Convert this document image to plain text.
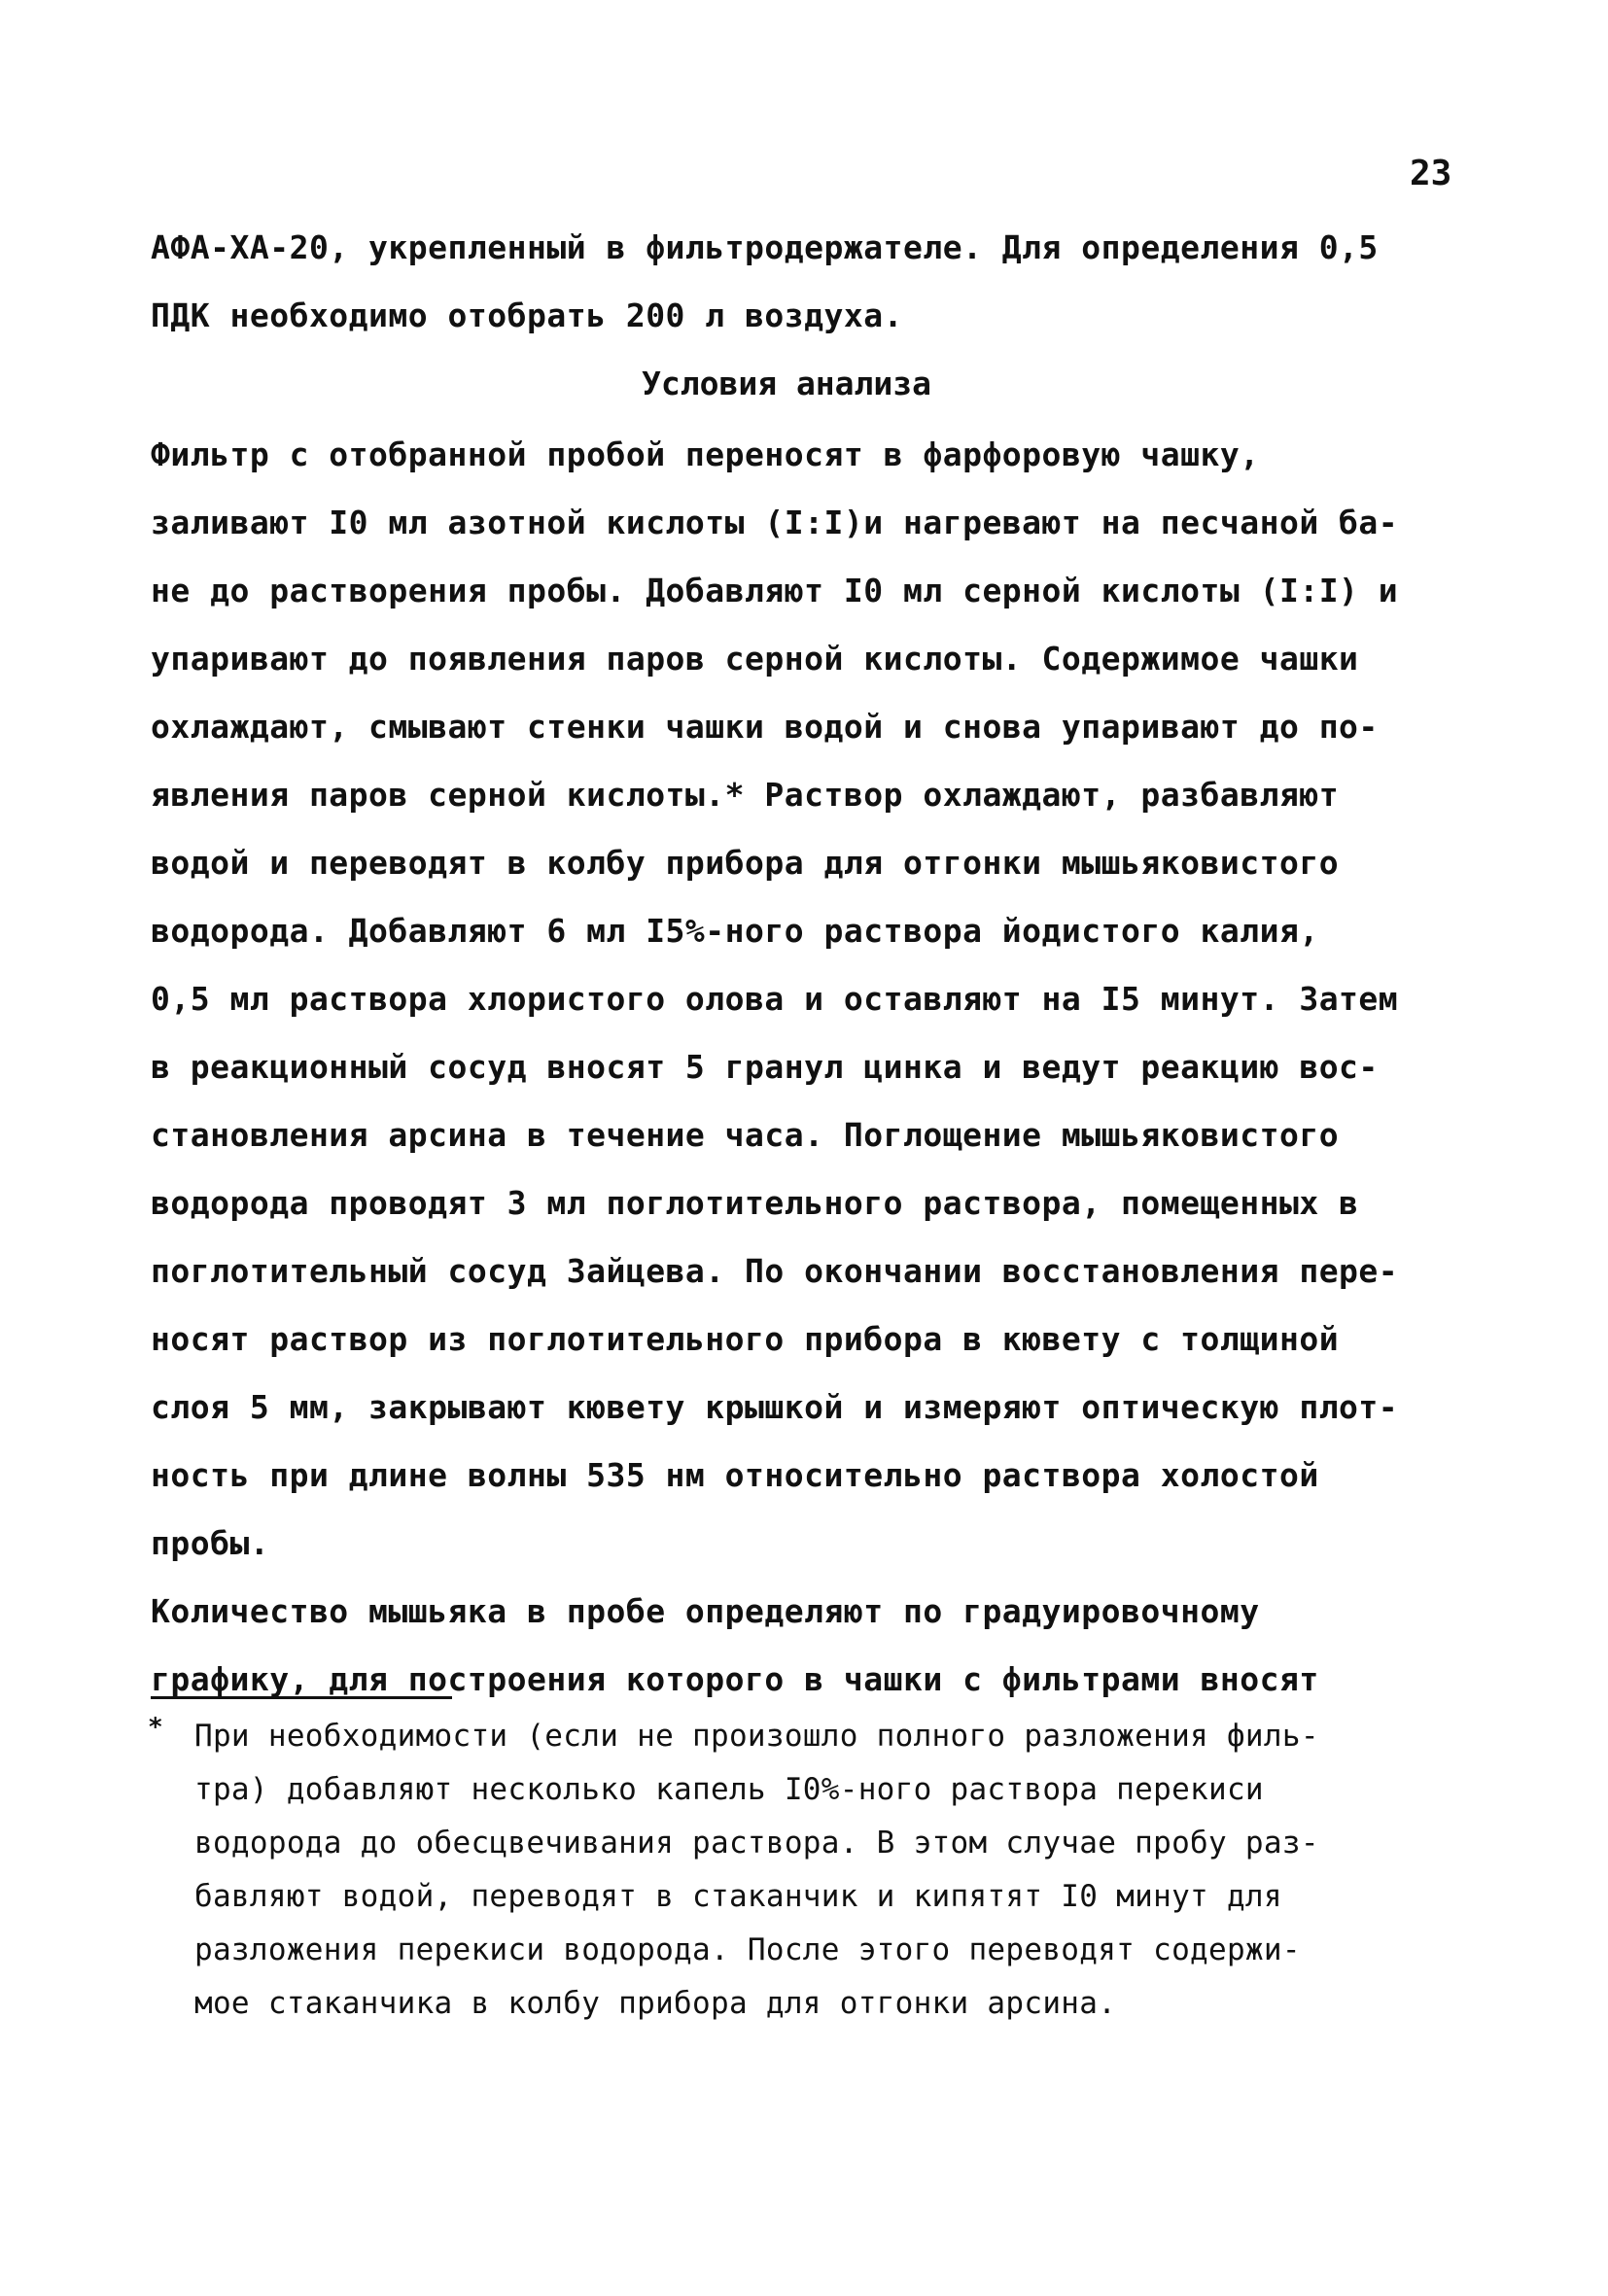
23
АФА-ХА-20, укрепленный в фильтродержателе. Для определения 0,5
ПДК необходимо отобрать 200 л воздуха.
Условия анализа
Фильтр с отобранной пробой переносят в фарфоровую чашку,
заливают I0 мл азотной кислоты (I:I)и нагревают на песчаной ба-
не до растворения пробы. Добавляют I0 мл серной кислоты (I:I) и
упаривают до появления паров серной кислоты. Содержимое чашки
охлаждают, смывают стенки чашки водой и снова упаривают до по-
явления паров серной кислоты.* Раствор охлаждают, разбавляют
водой и переводят в колбу прибора для отгонки мышьяковистого
водорода. Добавляют 6 мл I5%-ного раствора йодистого калия,
0,5 мл раствора хлористого олова и оставляют на I5 минут. Затем
в реакционный сосуд вносят 5 гранул цинка и ведут реакцию вос-
становления арсина в течение часа. Поглощение мышьяковистого
водорода проводят 3 мл поглотительного раствора, помещенных в
поглотительный сосуд Зайцева. По окончании восстановления пере-
носят раствор из поглотительного прибора в кювету с толщиной
слоя 5 мм, закрывают кювету крышкой и измеряют оптическую плот-
ность при длине волны 535 нм относительно раствора холостой
пробы.
Количество мышьяка в пробе определяют по градуировочному
графику, для построения которого в чашки с фильтрами вносят
* При необходимости (если не произошло полного разложения филь-
тра) добавляют несколько капель I0%-ного раствора перекиси
водорода до обесцвечивания раствора. В этом случае пробу раз-
бавляют водой, переводят в стаканчик и кипятят I0 минут для
разложения перекиси водорода. После этого переводят содержи-
мое стаканчика в колбу прибора для отгонки арсина.
